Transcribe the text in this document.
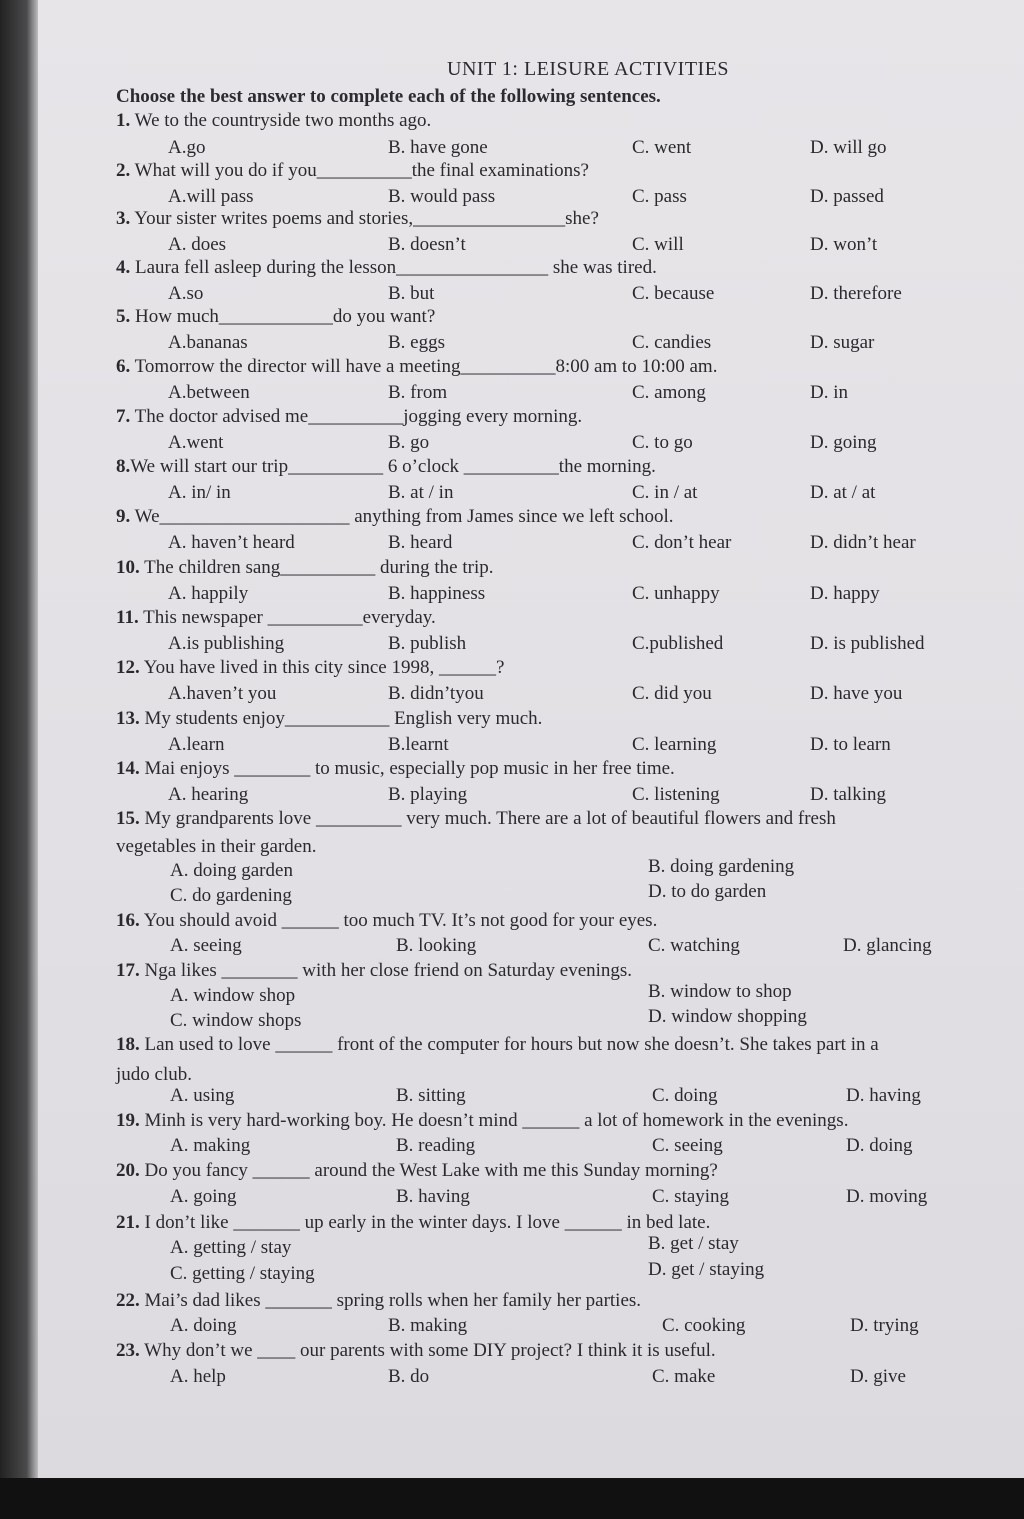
UNIT 1: LEISURE ACTIVITIES
Choose the best answer to complete each of the following sentences.
1. We to the countryside two months ago.
A.go	B. have gone	C. went	D. will go
2. What will you do if you__________the final examinations?
A.will pass	B. would pass	C. pass	D. passed
3. Your sister writes poems and stories,________________she?
A. does	B. doesn’t	C. will	D. won’t
4. Laura fell asleep during the lesson________________ she was tired.
A.so	B. but	C. because	D. therefore
5. How much____________do you want?
A.bananas	B. eggs	C. candies	D. sugar
6. Tomorrow the director will have a meeting__________8:00 am to 10:00 am.
A.between	B. from	C. among	D. in
7. The doctor advised me__________jogging every morning.
A.went	B. go	C. to go	D. going
8.We will start our trip__________ 6 o’clock __________the morning.
A. in/ in	B. at / in	C. in / at	D. at / at
9. We____________________ anything from James since we left school.
A. haven’t heard	B. heard	C. don’t hear	D. didn’t hear
10. The children sang__________ during the trip.
A. happily	B. happiness	C. unhappy	D. happy
11. This newspaper __________everyday.
A.is publishing	B. publish	C.published	D. is published
12. You have lived in this city since 1998, ______?
A.haven’t you	B. didn’tyou	C. did you	D. have you
13. My students enjoy___________ English very much.
A.learn	B.learnt	C. learning	D. to learn
14. Mai enjoys ________ to music, especially pop music in her free time.
A. hearing	B. playing	C. listening	D. talking
15. My grandparents love _________ very much. There are a lot of beautiful flowers and fresh
vegetables in their garden.
A. doing garden	B. doing gardening
C. do gardening	D. to do garden
16. You should avoid ______ too much TV. It’s not good for your eyes.
A. seeing	B. looking	C. watching	D. glancing
17. Nga likes ________ with her close friend on Saturday evenings.
A. window shop	B. window to shop
C. window shops	D. window shopping
18. Lan used to love ______ front of the computer for hours but now she doesn’t. She takes part in a
judo club.
A. using	B. sitting	C. doing	D. having
19. Minh is very hard-working boy. He doesn’t mind ______ a lot of homework in the evenings.
A. making	B. reading	C. seeing	D. doing
20. Do you fancy ______ around the West Lake with me this Sunday morning?
A. going	B. having	C. staying	D. moving
21. I don’t like _______ up early in the winter days. I love ______ in bed late.
A. getting / stay	B. get / stay
C. getting / staying	D. get / staying
22. Mai’s dad likes _______ spring rolls when her family her parties.
A. doing	B. making	C. cooking	D. trying
23. Why don’t we ____ our parents with some DIY project? I think it is useful.
A. help	B. do	C. make	D. give
